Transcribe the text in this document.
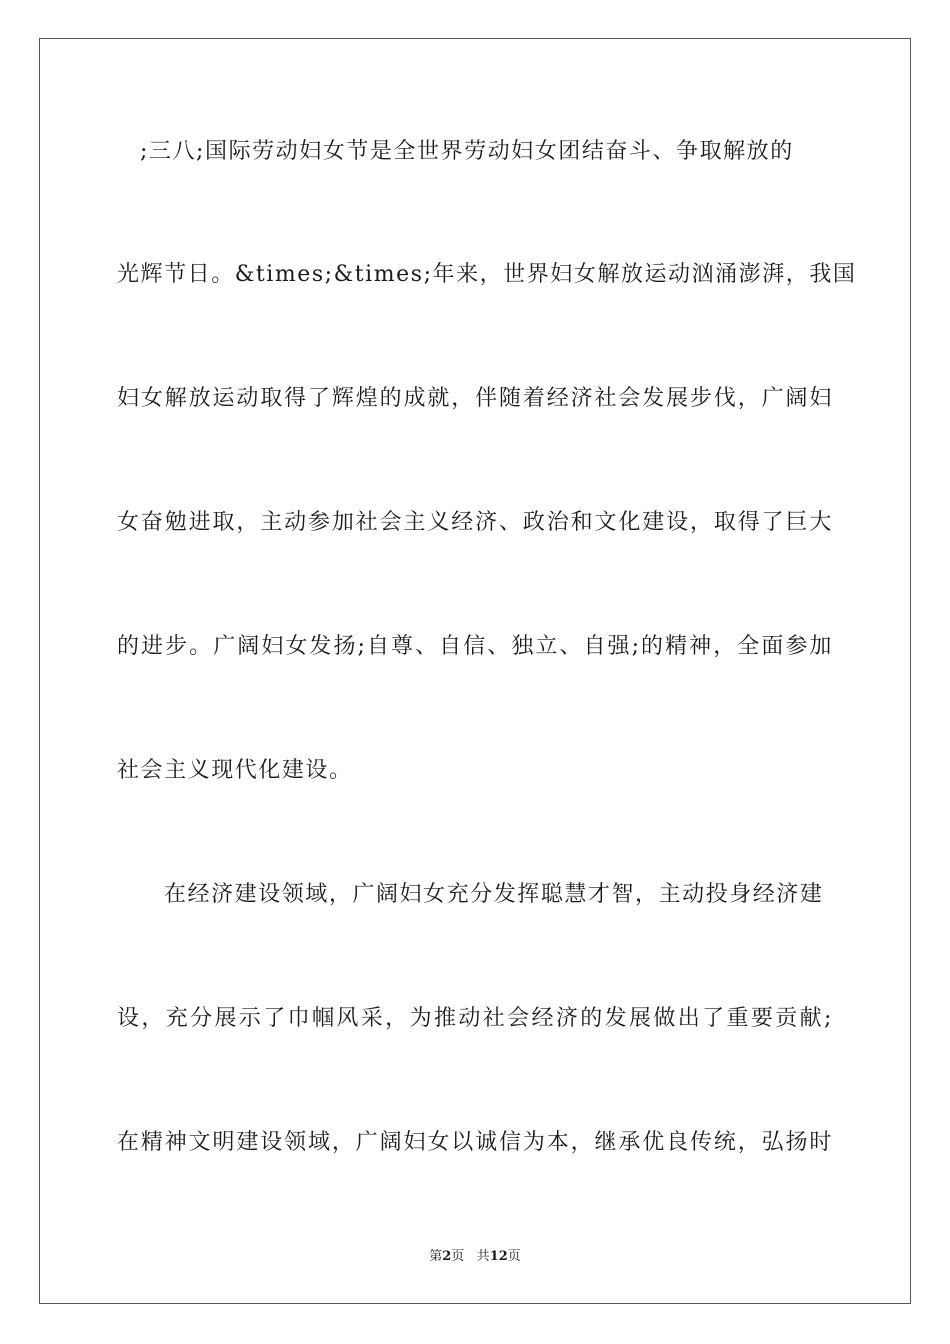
;三八;国际劳动妇女节是全世界劳动妇女团结奋斗、争取解放的
光辉节日。&times;&times;年来，世界妇女解放运动汹涌澎湃，我国
妇女解放运动取得了辉煌的成就，伴随着经济社会发展步伐，广阔妇
女奋勉进取，主动参加社会主义经济、政治和文化建设，取得了巨大
的进步。广阔妇女发扬;自尊、自信、独立、自强;的精神，全面参加
社会主义现代化建设。
在经济建设领域，广阔妇女充分发挥聪慧才智，主动投身经济建
设，充分展示了巾帼风采，为推动社会经济的发展做出了重要贡献;
在精神文明建设领域，广阔妇女以诚信为本，继承优良传统，弘扬时
第2页 共12页
